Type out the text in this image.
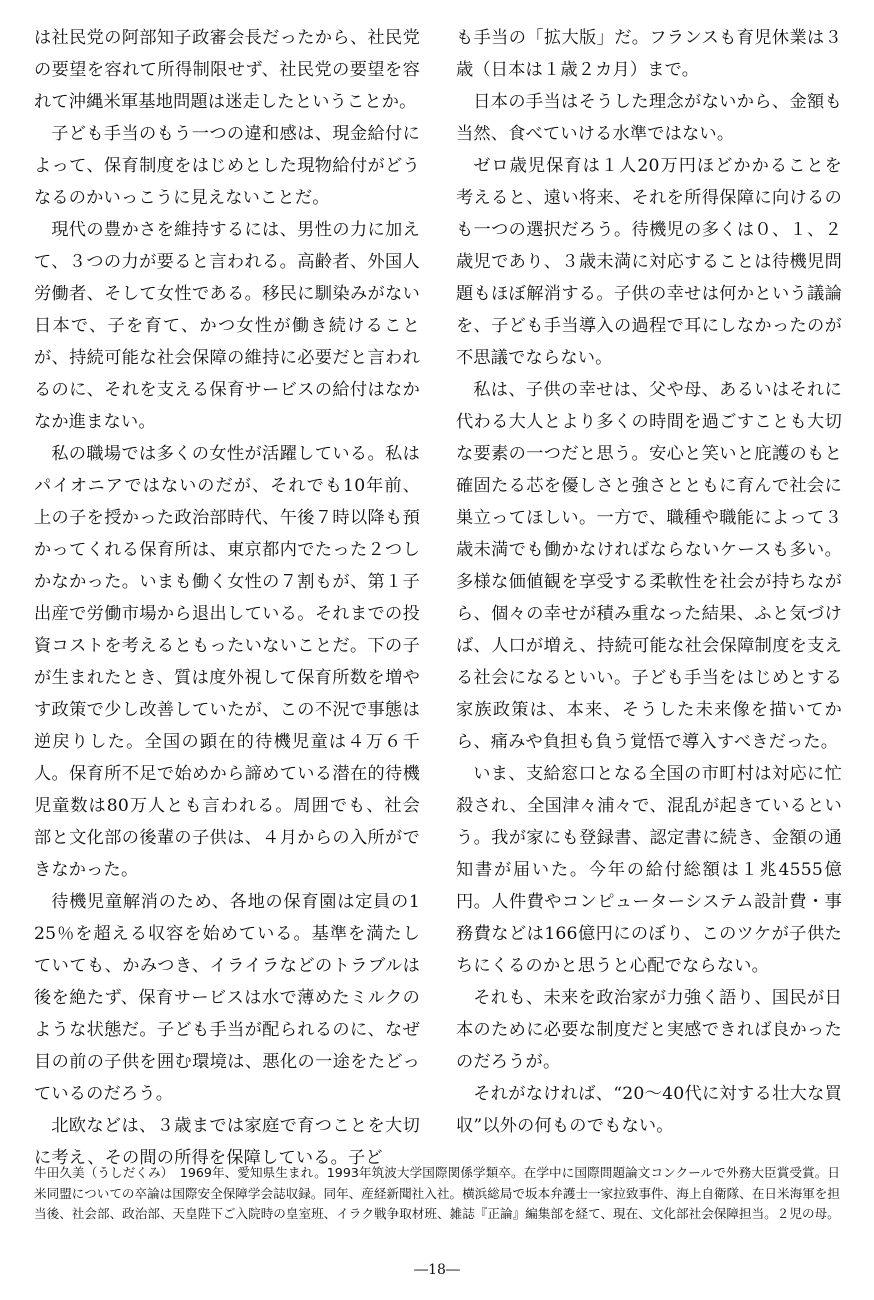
は社民党の阿部知子政審会長だったから、社民党の要望を容れて所得制限せず、社民党の要望を容れて沖縄米軍基地問題は迷走したということか。

子ども手当のもう一つの違和感は、現金給付によって、保育制度をはじめとした現物給付がどうなるのかいっこうに見えないことだ。

現代の豊かさを維持するには、男性の力に加えて、３つの力が要ると言われる。高齢者、外国人労働者、そして女性である。移民に馴染みがない日本で、子を育て、かつ女性が働き続けることが、持続可能な社会保障の維持に必要だと言われるのに、それを支える保育サービスの給付はなかなか進まない。

私の職場では多くの女性が活躍している。私はパイオニアではないのだが、それでも10年前、上の子を授かった政治部時代、午後７時以降も預かってくれる保育所は、東京都内でたった２つしかなかった。いまも働く女性の７割もが、第１子出産で労働市場から退出している。それまでの投資コストを考えるともったいないことだ。下の子が生まれたとき、質は度外視して保育所数を増やす政策で少し改善していたが、この不況で事態は逆戻りした。全国の顕在的待機児童は４万６千人。保育所不足で始めから諦めている潜在的待機児童数は80万人とも言われる。周囲でも、社会部と文化部の後輩の子供は、４月からの入所ができなかった。

待機児童解消のため、各地の保育園は定員の125％を超える収容を始めている。基準を満たしていても、かみつき、イライラなどのトラブルは後を絶たず、保育サービスは水で薄めたミルクのような状態だ。子ども手当が配られるのに、なぜ目の前の子供を囲む環境は、悪化の一途をたどっているのだろう。

北欧などは、３歳までは家庭で育つことを大切に考え、その間の所得を保障している。子ど

も手当の「拡大版」だ。フランスも育児休業は３歳（日本は１歳２カ月）まで。

日本の手当はそうした理念がないから、金額も当然、食べていける水準ではない。

ゼロ歳児保育は１人20万円ほどかかることを考えると、遠い将来、それを所得保障に向けるのも一つの選択だろう。待機児の多くは０、１、２歳児であり、３歳未満に対応することは待機児問題もほぼ解消する。子供の幸せは何かという議論を、子ども手当導入の過程で耳にしなかったのが不思議でならない。

私は、子供の幸せは、父や母、あるいはそれに代わる大人とより多くの時間を過ごすことも大切な要素の一つだと思う。安心と笑いと庇護のもと確固たる芯を優しさと強さとともに育んで社会に巣立ってほしい。一方で、職種や職能によって３歳未満でも働かなければならないケースも多い。多様な価値観を享受する柔軟性を社会が持ちながら、個々の幸せが積み重なった結果、ふと気づけば、人口が増え、持続可能な社会保障制度を支える社会になるといい。子ども手当をはじめとする家族政策は、本来、そうした未来像を描いてから、痛みや負担も負う覚悟で導入すべきだった。

いま、支給窓口となる全国の市町村は対応に忙殺され、全国津々浦々で、混乱が起きているという。我が家にも登録書、認定書に続き、金額の通知書が届いた。今年の給付総額は１兆4555億円。人件費やコンピューターシステム設計費・事務費などは166億円にのぼり、このツケが子供たちにくるのかと思うと心配でならない。

それも、未来を政治家が力強く語り、国民が日本のために必要な制度だと実感できれば良かったのだろうが。

それがなければ、“20～40代に対する壮大な買収”以外の何ものでもない。

牛田久美（うしだくみ）　 1969年、愛知県生まれ。1993年筑波大学国際関係学類卒。在学中に国際問題論文コンクールで外務大臣賞受賞。日米同盟についての卒論は国際安全保障学会誌収録。同年、産経新聞社入社。横浜総局で坂本弁護士一家拉致事件、海上自衛隊、在日米海軍を担当後、社会部、政治部、天皇陛下ご入院時の皇室班、イラク戦争取材班、雑誌『正論』編集部を経て、現在、文化部社会保障担当。２児の母。
―18―
